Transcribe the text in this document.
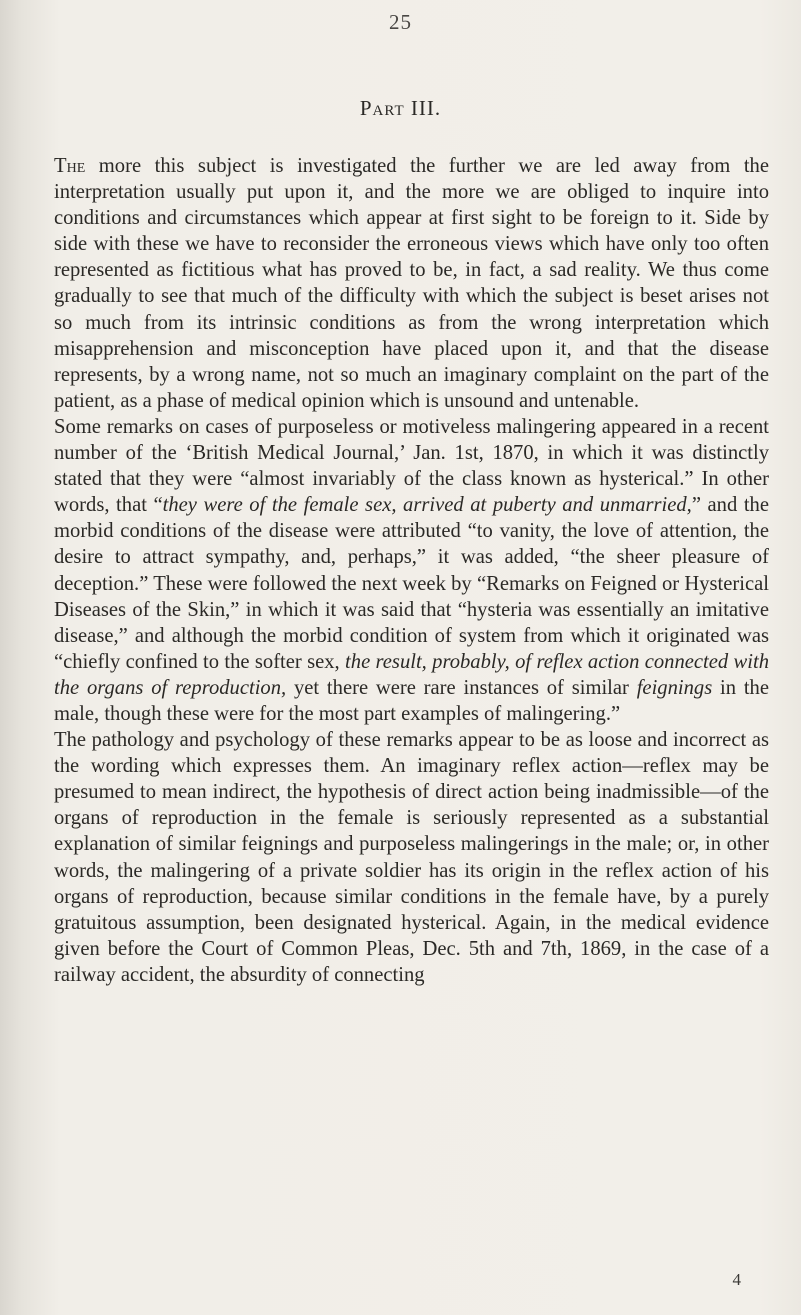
25
Part III.

The more this subject is investigated the further we are led away from the interpretation usually put upon it, and the more we are obliged to inquire into conditions and circumstances which appear at first sight to be foreign to it. Side by side with these we have to reconsider the erroneous views which have only too often represented as fictitious what has proved to be, in fact, a sad reality. We thus come gradually to see that much of the difficulty with which the subject is beset arises not so much from its intrinsic conditions as from the wrong interpretation which misapprehension and misconception have placed upon it, and that the disease represents, by a wrong name, not so much an imaginary complaint on the part of the patient, as a phase of medical opinion which is unsound and untenable.

Some remarks on cases of purposeless or motiveless malingering appeared in a recent number of the ‘British Medical Journal,’ Jan. 1st, 1870, in which it was distinctly stated that they were “almost invariably of the class known as hysterical.” In other words, that “they were of the female sex, arrived at puberty and unmarried,” and the morbid conditions of the disease were attributed “to vanity, the love of attention, the desire to attract sympathy, and, perhaps,” it was added, “the sheer pleasure of deception.” These were followed the next week by “Remarks on Feigned or Hysterical Diseases of the Skin,” in which it was said that “hysteria was essentially an imitative disease,” and although the morbid condition of system from which it originated was “chiefly confined to the softer sex, the result, probably, of reflex action connected with the organs of reproduction, yet there were rare instances of similar feignings in the male, though these were for the most part examples of malingering.”

The pathology and psychology of these remarks appear to be as loose and incorrect as the wording which expresses them. An imaginary reflex action—reflex may be presumed to mean indirect, the hypothesis of direct action being inadmissible—of the organs of reproduction in the female is seriously represented as a substantial explanation of similar feignings and purposeless malingerings in the male; or, in other words, the malingering of a private soldier has its origin in the reflex action of his organs of reproduction, because similar conditions in the female have, by a purely gratuitous assumption, been designated hysterical. Again, in the medical evidence given before the Court of Common Pleas, Dec. 5th and 7th, 1869, in the case of a railway accident, the absurdity of connecting

4
